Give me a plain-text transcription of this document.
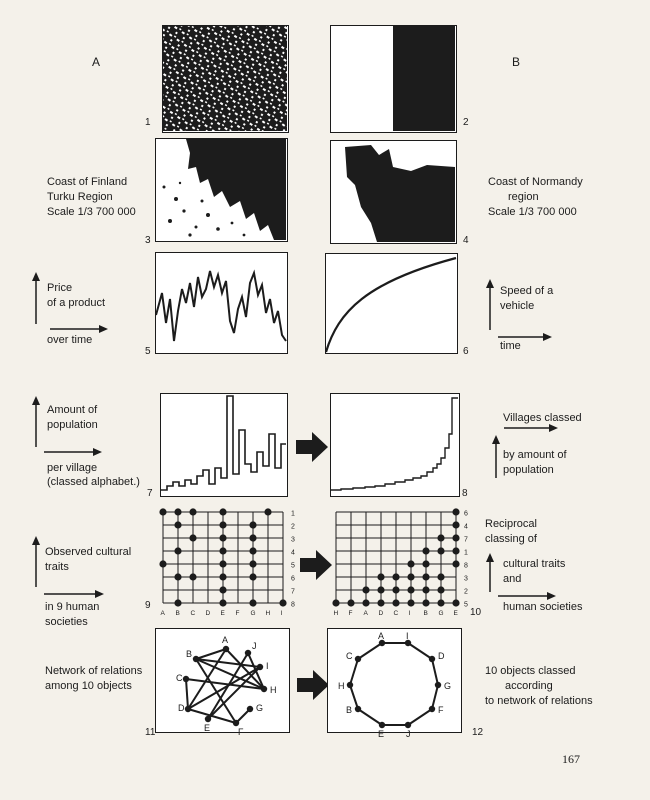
A	B
1	2
Coast of Finland
Turku Region
Scale 1/3 700 000
3	4
Coast of Normandy
region
Scale 1/3 700 000
Price
of a product
over time
5	6
Speed of a
vehicle
time
Amount of
population
per village
(classed alphabet.)
7	8
Villages classed
by amount of
population
Observed cultural
traits
in 9 human
societies
1
2
3
4
5
6
7
8
A B C D E F G H I
9
6
4
7
1
8
3
2
5
H F A D C I B G E 10
Reciprocal
classing of
cultural traits
and
human societies
Network of relations
among 10 objects
A
J
B
I
C
H
D	G
E	F
11
A I
C	D
H	G
B	F
E J	12
10 objects classed
according
to network of relations
167
